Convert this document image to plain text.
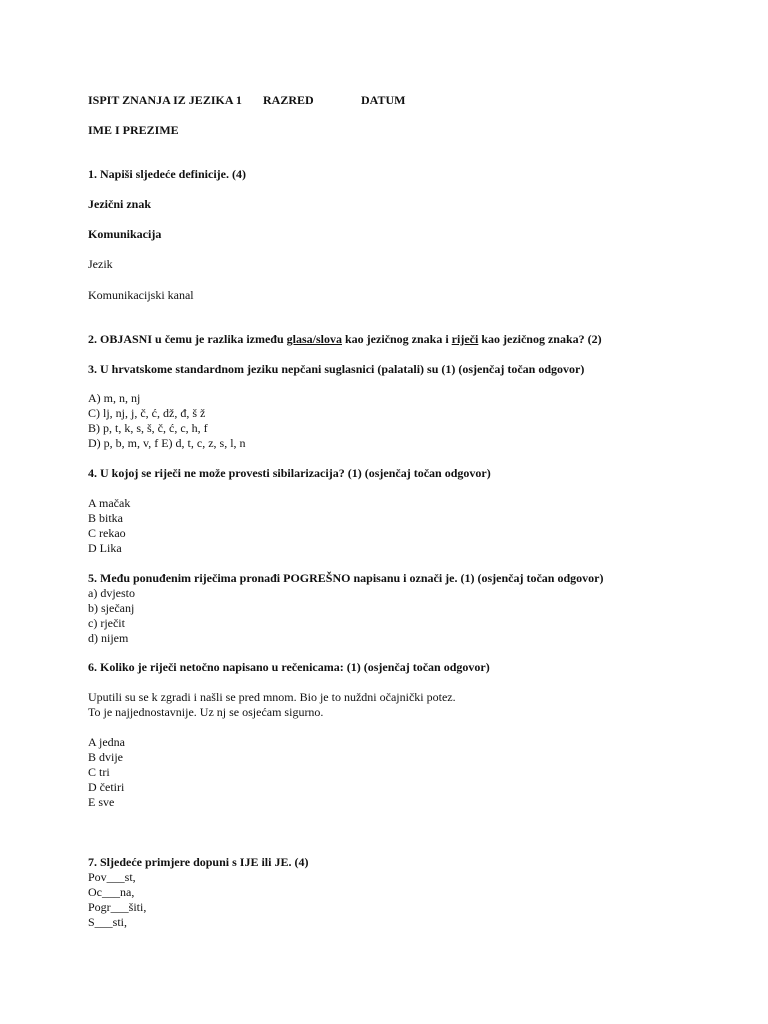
ISPIT ZNANJA IZ JEZIKA 1 RAZRED	DATUM
IME I PREZIME
1. Napiši sljedeće definicije. (4)
Jezični znak
Komunikacija
Jezik
Komunikacijski kanal
2. OBJASNI u čemu je razlika između glasa/slova kao jezičnog znaka i riječi kao jezičnog znaka? (2)
3. U hrvatskome standardnom jeziku nepčani suglasnici (palatali) su (1) (osjenčaj točan odgovor)
A) m, n, nj
C) lj, nj, j, č, ć, dž, đ, š ž
B) p, t, k, s, š, č, ć, c, h, f
D) p, b, m, v, f E) d, t, c, z, s, l, n
4. U kojoj se riječi ne može provesti sibilarizacija? (1) (osjenčaj točan odgovor)
A mačak
B bitka
C rekao
D Lika
5. Među ponuđenim riječima pronađi POGREŠNO napisanu i označi je. (1) (osjenčaj točan odgovor)
a) dvjesto
b) sječanj
c) rječit
d) nijem
6. Koliko je riječi netočno napisano u rečenicama: (1) (osjenčaj točan odgovor)
Uputili su se k zgradi i našli se pred mnom. Bio je to nuždni očajnički potez.
To je najjednostavnije. Uz nj se osjećam sigurno.
A jedna
B dvije
C tri
D četiri
E sve
7. Sljedeće primjere dopuni s IJE ili JE. (4)
Pov___st,
Oc___na,
Pogr___šiti,
S___sti,
